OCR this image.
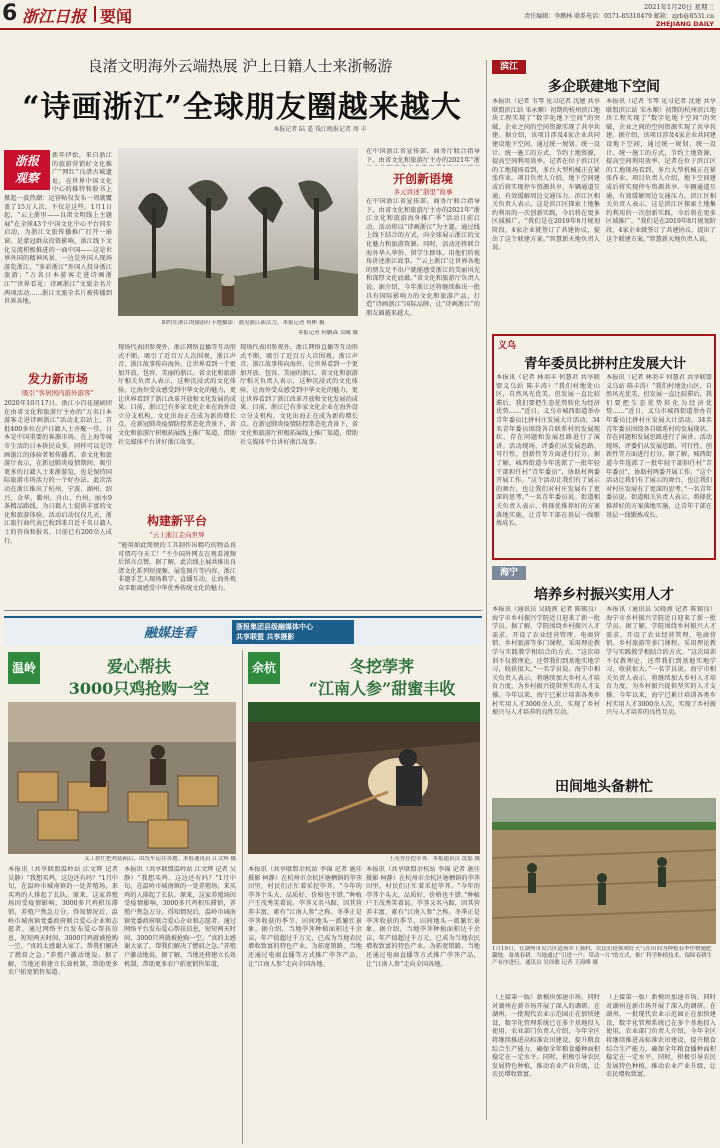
6 浙江日报 要闻	2021年1月20日 星期三
责任编辑：李鹏林 联系电话：0571-85310479 邮箱：zjrb@8531.cn
ZHEJIANG DAILY
良渚文明海外云端热展 沪上日籍人士来浙畅游
“诗画浙江”全球朋友圈越来越大
本报记者 陆 遥 钱江晚报记者 周 丰
浙报
观察
新年伊始，来自浙江的旅游营销好文化推广“网红”良渚古城遗址，在世界中国文化中心的推特和脸书上掀起一波热潮：运营帖仅发布一周就覆盖了15万人次。不仅是这些。1月1日起，“云上浙里——良渚文明线上主题展”在全球43个中国文化中心平台同步启动，为浙江文旅传播推广打开一扇窗。是蒙冠群众投资影响，浙江线下文化交流积极推进的一面中国——这是世界外国的精神风景，一边是外国人现场游览浙江，“多彩浙江”外国人投身浙江旅游；“万名日本游客走进诗画浙江”“世界看见：诗画浙江”文旅金名片两项活动……浙江文旅全名片被传播到世界各地。
发力新市场
吸引“客居国内游外游客”
2020年10月17日，浙江小百花越剧团在由省文化和旅游厅主办的“万名日本游客走进诗画浙江”活动北京站上，首批400多位在沪日籍人士齐聚一堂。日本是中国重要的客源市场。在上海等城市生活的日本侨民众多，同样可以是诗画浙江的体验者和传播者。省文化和旅游厅表示，在新冠肺炎疫情期间，吸引更多的日籍人士来浙游览，也是保持国际旅游市场活力的一个好办法。此次活动在浙江推出了杭州、宁波、湖州、绍兴、金华、衢州、舟山、台州、丽水9条精品路线，为日籍人士提供丰富的文化和旅游体验。活动启动仅仅几天，浙江旅行商代表已收到来自近千名日籍人士的咨询和报名，目前已有200余人成行。
如约在浙江的旅游打卡地摄影：遇见浙江新活力。本报记者 何彬 摄
本报记者 何鹏森 吴曦 摄
现场代表团参观外，浙江网络直播等互动形式不断，吸引了近百万人次围观，浙江声音、浙江故事传向海外，让世界看到一个更加开放、包容、美丽的浙江。省文化和旅游厅相关负责人表示，这种沉浸式的文化体验，让海外受众感受到中华文化的魅力，更让世界看到了浙江改革开放和文化发展的成果。目前，浙江已有多家文化企业在海外设立分支机构，文化出海正在成为新的增长点。在新冠肺炎疫情防控常态化背景下，省文化和旅游厅积极拓展线上推广渠道，借助社交媒体平台讲好浙江故事。
现场代表团参观外，浙江网络直播等互动形式不断，吸引了近百万人次围观，浙江声音、浙江故事传向海外，让世界看到一个更加开放、包容、美丽的浙江。省文化和旅游厅相关负责人表示，这种沉浸式的文化体验，让海外受众感受到中华文化的魅力，更让世界看到了浙江改革开放和文化发展的成果。目前，浙江已有多家文化企业在海外设立分支机构，文化出海正在成为新的增长点。在新冠肺炎疫情防控常态化背景下，省文化和旅游厅积极拓展线上推广渠道，借助社交媒体平台讲好浙江故事。
构建新平台
“云上浙江走向世界
“能用如此简便的工具制作出精巧的物品真可谓巧夺天工！”不少国外网友在观看视频后留言点赞。据了解，此次线上展共推出良渚文化系列短视频、展览图片等内容，浙江非遗手艺人现场教学、直播互动，让海外观众零距离感受中华优秀传统文化的魅力。
在中国浙江省宣传部、商务厅联合指导下，由省文化和旅游厅主办的2021年“浙
开创新语境
多元讲述“浙里”故事
在中国浙江省宣传部、商务厅联合指导下，由省文化和旅游厅主办的2021年“浙江文化和旅游海外推广季”活动日前启动。活动将以“诗画浙江”为主题，通过线上线下结合的方式，向全球展示浙江的文化魅力和旅游资源。同时，活动还将联合海外华人华侨、留学生群体，用他们的视角讲述浙江故事。“‘云上浙江’让世界各地的朋友足不出户就能感受浙江的美丽风光和深厚文化底蕴。”省文化和旅游厅负责人说。据介绍，今年浙江还将继续推出一批具有国际影响力的文化和旅游产品，打造“诗画浙江”国际品牌，让“诗画浙江”的朋友圈越来越大。
滨江
多企联建地下空间
本报讯（记者 韦琴 见习记者 沈建 共享联盟滨江站 宋永顺）初期的杭州滨江地块工程实现了“数字化地下空间”的突破，企业之间的空间资源实现了共享共建。据介绍，该项目涉及4家企业共同建设地下空间，通过统一规划、统一设计、统一施工的方式，节约土地资源，提高空间利用效率。记者在位于滨江区的工地现场看到，多台大型机械正在紧张作业。项目负责人介绍，地下空间建成后将实现停车资源共享、车辆通道互通，有效缓解周边交通压力。滨江区相关负责人表示，这是滨江区探索土地集约利用的一次创新实践，今后将在更多区域推广。“我们是在2019年8月规划阶段，4家企业就签订了共建协议，提出了这个联建方案。”智慧新天地负责人说。
本报讯（记者 韦琴 见习记者 沈建 共享联盟滨江站 宋永顺）初期的杭州滨江地块工程实现了“数字化地下空间”的突破，企业之间的空间资源实现了共享共建。据介绍，该项目涉及4家企业共同建设地下空间，通过统一规划、统一设计、统一施工的方式，节约土地资源，提高空间利用效率。记者在位于滨江区的工地现场看到，多台大型机械正在紧张作业。项目负责人介绍，地下空间建成后将实现停车资源共享、车辆通道互通，有效缓解周边交通压力。滨江区相关负责人表示，这是滨江区探索土地集约利用的一次创新实践，今后将在更多区域推广。“我们是在2019年8月规划阶段，4家企业就签订了共建协议，提出了这个联建方案。”智慧新天地负责人说。
义乌
青年委员比拼村庄发展大计
本报讯（记者 林羽丰 何慧君 共享联盟义乌站 陈丰涛）“我们村地处山区，自然风光优美，但发展一直比较滞后，我们要把生态优势转化为经济优势……”近日，义乌市城西街道举办青年委员比拼村庄发展大计活动，34名青年委员围绕各自联系村的发展现状、存在问题和发展思路进行了演讲。活动现场，评委们从发展思路、可行性、创新性等方面进行打分。据了解，城西街道今年选派了一批年轻干部担任村“青年委员”，协助村两委开展工作。“这个活动让我们有了展示的舞台，也让我们对村庄发展有了更深的思考。”一名青年委员说。街道相关负责人表示，将择优推荐好的方案落地实施，让青年干部在基层一线锻炼成长。
本报讯（记者 林羽丰 何慧君 共享联盟义乌站 陈丰涛）“我们村地处山区，自然风光优美，但发展一直比较滞后，我们要把生态优势转化为经济优势……”近日，义乌市城西街道举办青年委员比拼村庄发展大计活动，34名青年委员围绕各自联系村的发展现状、存在问题和发展思路进行了演讲。活动现场，评委们从发展思路、可行性、创新性等方面进行打分。据了解，城西街道今年选派了一批年轻干部担任村“青年委员”，协助村两委开展工作。“这个活动让我们有了展示的舞台，也让我们对村庄发展有了更深的思考。”一名青年委员说。街道相关负责人表示，将择优推荐好的方案落地实施，让青年干部在基层一线锻炼成长。
海宁
培养乡村振兴实用人才
本报讯（通讯员 吴晓燕 记者 陈锡良）海宁市乡村振兴学院近日迎来了新一批学员。据了解，学院围绕乡村振兴人才需求，开设了农业经营管理、电商营销、乡村旅游等多门课程，采用理论教学与实践教学相结合的方式。“这次培训不仅教理论，还带我们到基地实地学习，收获很大。”一名学员说。海宁市相关负责人表示，将继续加大乡村人才培育力度，为乡村振兴提供坚实的人才支撑。今年以来，海宁已累计培训各类乡村实用人才3000余人次，实现了乡村振兴与人才培养的良性互动。
本报讯（通讯员 吴晓燕 记者 陈锡良）海宁市乡村振兴学院近日迎来了新一批学员。据了解，学院围绕乡村振兴人才需求，开设了农业经营管理、电商营销、乡村旅游等多门课程，采用理论教学与实践教学相结合的方式。“这次培训不仅教理论，还带我们到基地实地学习，收获很大。”一名学员说。海宁市相关负责人表示，将继续加大乡村人才培育力度，为乡村振兴提供坚实的人才支撑。今年以来，海宁已累计培训各类乡村实用人才3000余人次，实现了乡村振兴与人才培养的良性互动。
田间地头备耕忙
1月19日，在湖州市吴兴区道场乡上强村，农民们抢抓晴好天气在田间为种植春季作物施肥翻地，备战春耕。当地通过“引进一户、带动一片”的方式，推广科学种植技术，保障春耕生产有序进行。通讯员 吴伟敏 记者 王海峰 摄
（上接第一版）新模块加速市场，同时对湖州在新市场开展了深入的调研。在湖州，一批现代农业示范园正在加快建设，数字化管理系统已在多个基地投入使用。农业部门负责人介绍，今年全区将继续推进高标准农田建设，提升粮食综合生产能力，确保全年粮食播种面积稳定在一定水平。同时，积极引导农民发展特色种植，推动农业产业升级，让农民增收致富。
（上接第一版）新模块加速市场，同时对湖州在新市场开展了深入的调研。在湖州，一批现代农业示范园正在加快建设，数字化管理系统已在多个基地投入使用。农业部门负责人介绍，今年全区将继续推进高标准农田建设，提升粮食综合生产能力，确保全年粮食播种面积稳定在一定水平。同时，积极引导农民发展特色种植，推动农业产业升级，让农民增收致富。
融媒连看	浙报集团县级融媒体中心
共享联盟 共享摄影
温岭	爱心帮扶
3000只鸡抢购一空
义工帮忙把鸡装箱后，由货车运往各地。本报通讯员 江文辉 摄
本报讯（共享联盟温岭站 江文辉 记者 吴静）“我想买鸡，这边还有吗？”1月中旬，在温岭市城南镇的一处养殖场，来买鸡的人排起了长队。原来，这家养殖场因受疫情影响，3000多只鸡积压滞销，养殖户焦急万分。得知情况后，温岭市城南镇党委政府联合爱心企业和志愿者，通过网络平台发布爱心帮扶信息，短短两天时间，3000只鸡就被抢购一空。“真的太感谢大家了，帮我们解决了燃眉之急。”养殖户激动地说。据了解，当地还将建立长效机制，帮助更多农户拓宽销售渠道。
本报讯（共享联盟温岭站 江文辉 记者 吴静）“我想买鸡，这边还有吗？”1月中旬，在温岭市城南镇的一处养殖场，来买鸡的人排起了长队。原来，这家养殖场因受疫情影响，3000多只鸡积压滞销，养殖户焦急万分。得知情况后，温岭市城南镇党委政府联合爱心企业和志愿者，通过网络平台发布爱心帮扶信息，短短两天时间，3000只鸡就被抢购一空。“真的太感谢大家了，帮我们解决了燃眉之急。”养殖户激动地说。据了解，当地还将建立长效机制，帮助更多农户拓宽销售渠道。
余杭	冬挖荸荠
“江南人参”甜蜜丰收
王茂秀在挖荸荠。本报通讯员 沈磊 摄
本报讯（共享联盟余杭站 李锦 记者 施佳 摄影 柯静）在杭州市余杭区塘栖镇的荸荠田里，村民们正忙着采挖荸荠。“今年的荸荠个头大、品质好，价格也不错。”种植户王茂秀笑着说。荸荠又名马蹄，因其营养丰富，素有“江南人参”之称。冬季正是荸荠收获的季节，田间地头一派繁忙景象。据介绍，当地荸荠种植面积达千余亩，年产值超过千万元，已成为当地农民增收致富的特色产业。为拓宽销路，当地还通过电商直播等方式推广荸荠产品，让“江南人参”走向全国各地。
本报讯（共享联盟余杭站 李锦 记者 施佳 摄影 柯静）在杭州市余杭区塘栖镇的荸荠田里，村民们正忙着采挖荸荠。“今年的荸荠个头大、品质好，价格也不错。”种植户王茂秀笑着说。荸荠又名马蹄，因其营养丰富，素有“江南人参”之称。冬季正是荸荠收获的季节，田间地头一派繁忙景象。据介绍，当地荸荠种植面积达千余亩，年产值超过千万元，已成为当地农民增收致富的特色产业。为拓宽销路，当地还通过电商直播等方式推广荸荠产品，让“江南人参”走向全国各地。
